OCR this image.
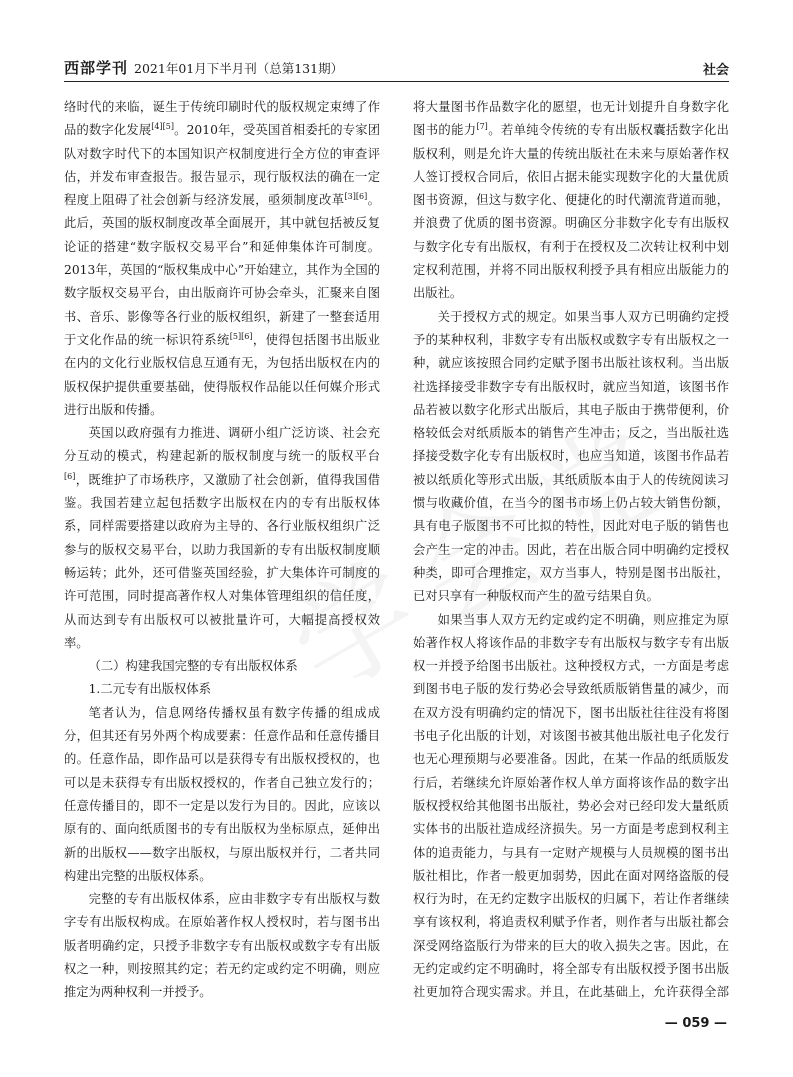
西部学刊 2021年01月下半月刊（总第131期）	社会

络时代的来临，诞生于传统印刷时代的版权规定束缚了作品的数字化发展[4][5]。2010年，受英国首相委托的专家团队对数字时代下的本国知识产权制度进行全方位的审查评估，并发布审查报告。报告显示，现行版权法的确在一定程度上阻碍了社会创新与经济发展，亟须制度改革[3][6]。此后，英国的版权制度改革全面展开，其中就包括被反复论证的搭建“数字版权交易平台”和延伸集体许可制度。2013年，英国的“版权集成中心”开始建立，其作为全国的数字版权交易平台，由出版商许可协会牵头，汇聚来自图书、音乐、影像等各行业的版权组织，新建了一整套适用于文化作品的统一标识符系统[5][6]，使得包括图书出版业在内的文化行业版权信息互通有无，为包括出版权在内的版权保护提供重要基础，使得版权作品能以任何媒介形式进行出版和传播。

英国以政府强有力推进、调研小组广泛访谈、社会充分互动的模式，构建起新的版权制度与统一的版权平台[6]，既维护了市场秩序，又激励了社会创新，值得我国借鉴。我国若建立起包括数字出版权在内的专有出版权体系，同样需要搭建以政府为主导的、各行业版权组织广泛参与的版权交易平台，以助力我国新的专有出版权制度顺畅运转；此外，还可借鉴英国经验，扩大集体许可制度的许可范围，同时提高著作权人对集体管理组织的信任度，从而达到专有出版权可以被批量许可，大幅提高授权效率。

（二）构建我国完整的专有出版权体系

1.二元专有出版权体系

笔者认为，信息网络传播权虽有数字传播的组成成分，但其还有另外两个构成要素：任意作品和任意传播目的。任意作品，即作品可以是获得专有出版权授权的，也可以是未获得专有出版权授权的，作者自己独立发行的；任意传播目的，即不一定是以发行为目的。因此，应该以原有的、面向纸质图书的专有出版权为坐标原点，延伸出新的出版权——数字出版权，与原出版权并行，二者共同构建出完整的出版权体系。

完整的专有出版权体系，应由非数字专有出版权与数字专有出版权构成。在原始著作权人授权时，若与图书出版者明确约定，只授予非数字专有出版权或数字专有出版权之一种，则按照其约定；若无约定或约定不明确，则应推定为两种权利一并授予。

将大量图书作品数字化的愿望，也无计划提升自身数字化图书的能力[7]。若单纯令传统的专有出版权囊括数字化出版权利，则是允许大量的传统出版社在未来与原始著作权人签订授权合同后，依旧占据未能实现数字化的大量优质图书资源，但这与数字化、便捷化的时代潮流背道而驰，并浪费了优质的图书资源。明确区分非数字化专有出版权与数字化专有出版权，有利于在授权及二次转让权利中划定权利范围，并将不同出版权利授予具有相应出版能力的出版社。

关于授权方式的规定。如果当事人双方已明确约定授予的某种权利，非数字专有出版权或数字专有出版权之一种，就应该按照合同约定赋予图书出版社该权利。当出版社选择接受非数字专有出版权时，就应当知道，该图书作品若被以数字化形式出版后，其电子版由于携带便利，价格较低会对纸质版本的销售产生冲击；反之，当出版社选择接受数字化专有出版权时，也应当知道，该图书作品若被以纸质化等形式出版，其纸质版本由于人的传统阅读习惯与收藏价值，在当今的图书市场上仍占较大销售份额，具有电子版图书不可比拟的特性，因此对电子版的销售也会产生一定的冲击。因此，若在出版合同中明确约定授权种类，即可合理推定，双方当事人，特别是图书出版社，已对只享有一种版权而产生的盈亏结果自负。

如果当事人双方无约定或约定不明确，则应推定为原始著作权人将该作品的非数字专有出版权与数字专有出版权一并授予给图书出版社。这种授权方式，一方面是考虑到图书电子版的发行势必会导致纸质版销售量的减少，而在双方没有明确约定的情况下，图书出版社往往没有将图书电子化出版的计划，对该图书被其他出版社电子化发行也无心理预期与必要准备。因此，在某一作品的纸质版发行后，若继续允许原始著作权人单方面将该作品的数字出版权授权给其他图书出版社，势必会对已经印发大量纸质实体书的出版社造成经济损失。另一方面是考虑到权利主体的追责能力，与具有一定财产规模与人员规模的图书出版社相比，作者一般更加弱势，因此在面对网络盗版的侵权行为时，在无约定数字出版权的归属下，若让作者继续享有该权利，将追责权利赋予作者，则作者与出版社都会深受网络盗版行为带来的巨大的收入损失之害。因此，在无约定或约定不明确时，将全部专有出版权授予图书出版社更加符合现实需求。并且，在此基础上，允许获得全部

— 059 —
